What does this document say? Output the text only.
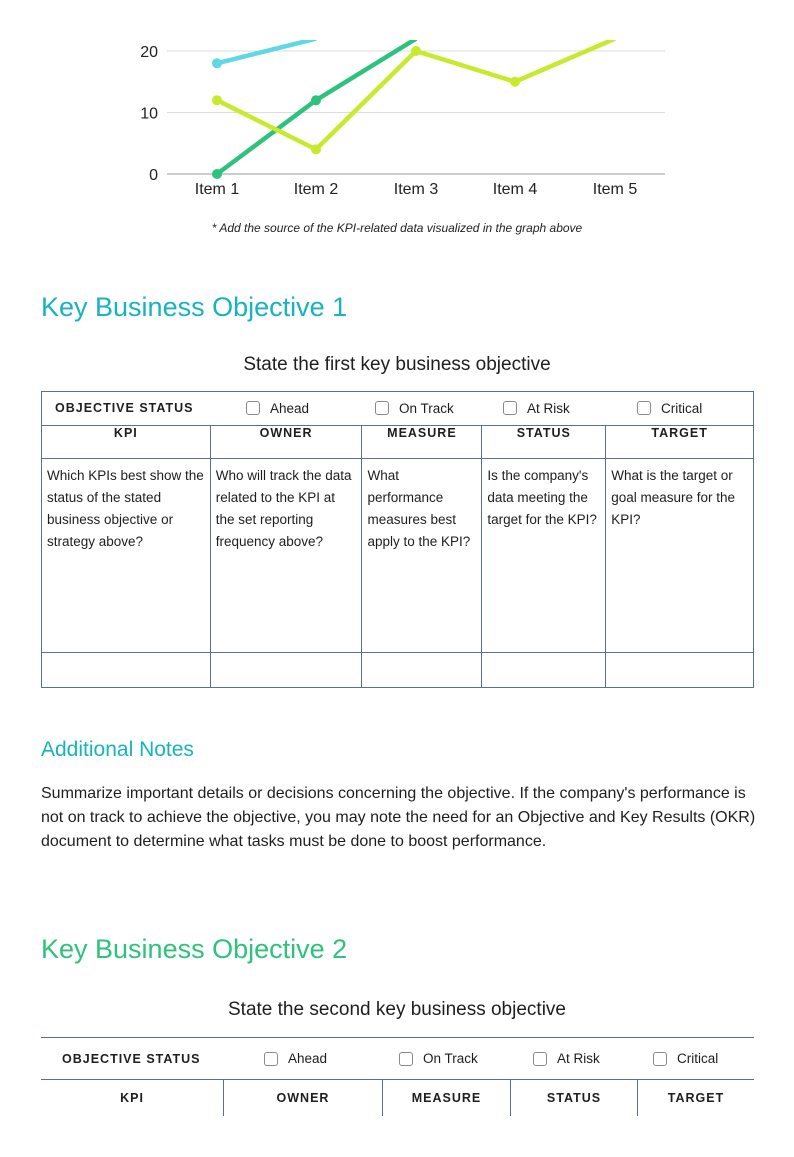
0
10
20
Item 1	Item 2	Item 3	Item 4	Item 5
* Add the source of the KPI-related data visualized in the graph above
Key Business Objective 1
State the first key business objective
OBJECTIVE STATUS Ahead On Track At Risk Critical				

KPI	OWNER	MEASURE	STATUS	TARGET
Which KPIs best show the status of the stated business objective or strategy above?	Who will track the data related to the KPI at the set reporting frequency above?	What performance measures best apply to the KPI?	Is the company's data meeting the target for the KPI?	What is the target or goal measure for the KPI?

Additional Notes
Summarize important details or decisions concerning the objective. If the company's performance is not on track to achieve the objective, you may note the need for an Objective and Key Results (OKR) document to determine what tasks must be done to boost performance.
Key Business Objective 2
State the second key business objective
OBJECTIVE STATUS	Ahead	On Track	At Risk	Critical
KPI	OWNER	MEASURE	STATUS	TARGET
